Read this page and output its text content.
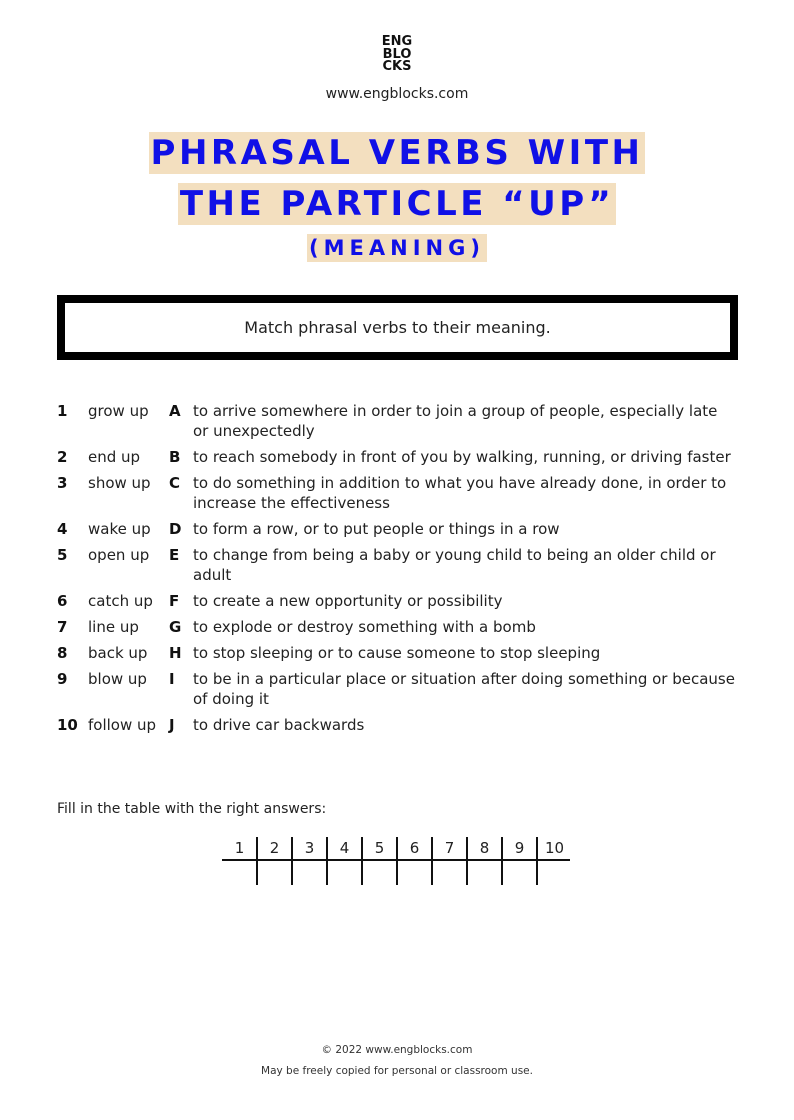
ENG
BLO
CKS
www.engblocks.com
PHRASAL VERBS WITH
THE PARTICLE “UP”
(MEANING)
Match phrasal verbs to their meaning.
1 grow up A to arrive somewhere in order to join a group of people, especially late or unexpectedly
2 end up B to reach somebody in front of you by walking, running, or driving faster
3 show up C to do something in addition to what you have already done, in order to increase the effectiveness
4 wake up D to form a row, or to put people or things in a row
5 open up E to change from being a baby or young child to being an older child or adult
6 catch up F to create a new opportunity or possibility
7 line up G to explode or destroy something with a bomb
8 back up H to stop sleeping or to cause someone to stop sleeping
9 blow up I to be in a particular place or situation after doing something or because of doing it
10 follow up J to drive car backwards
Fill in the table with the right answers:
1	2	3	4	5	6	7	8	9	10
© 2022 www.engblocks.com
May be freely copied for personal or classroom use.
